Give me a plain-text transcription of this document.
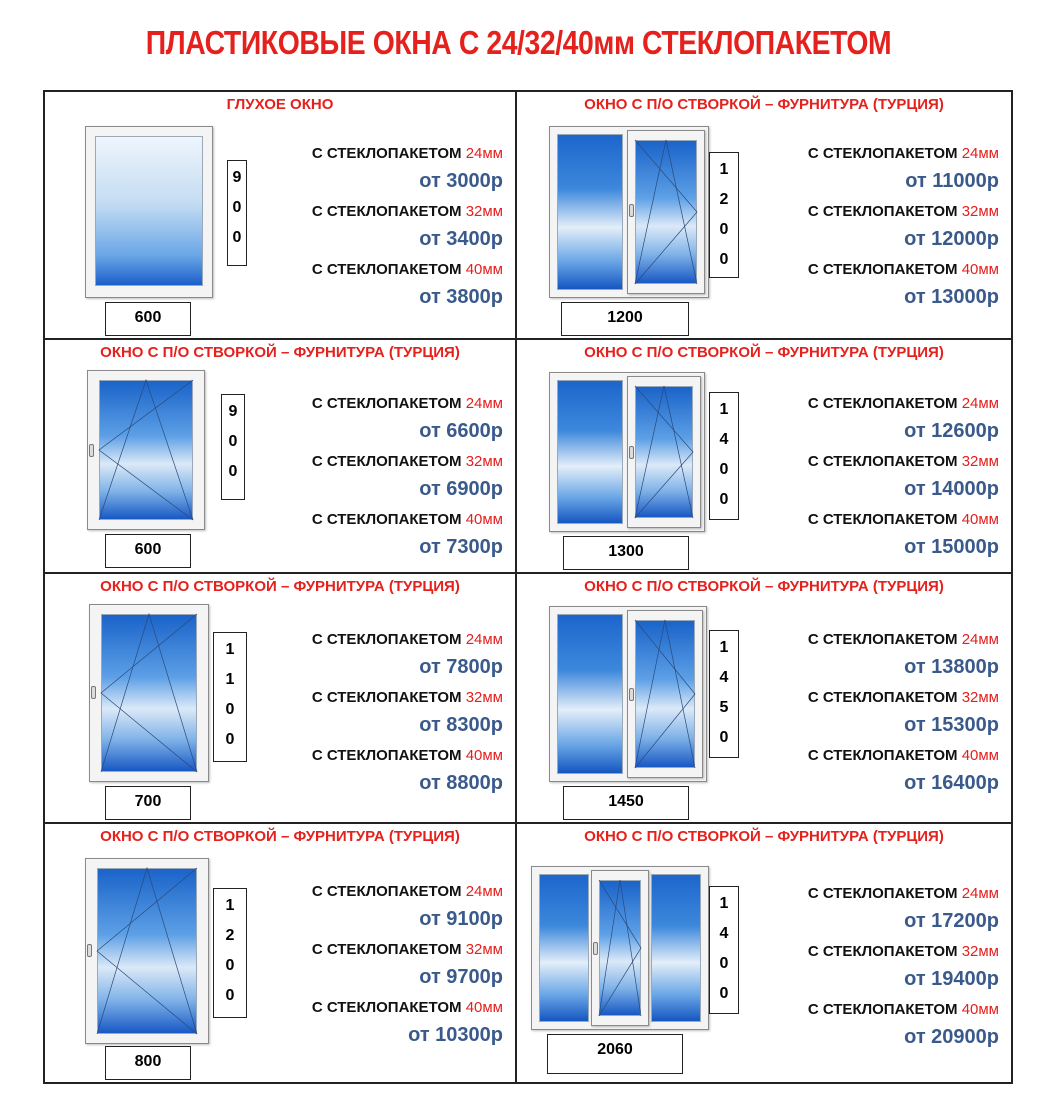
ПЛАСТИКОВЫЕ ОКНА С 24/32/40мм СТЕКЛОПАКЕТОМ
ГЛУХОЕ ОКНО
9
0
0
600
С СТЕКЛОПАКЕТОМ 24мм
от 3000р
С СТЕКЛОПАКЕТОМ 32мм
от 3400р
С СТЕКЛОПАКЕТОМ 40мм
от 3800р
ОКНО С П/О СТВОРКОЙ – ФУРНИТУРА (ТУРЦИЯ)
1
2
0
0
1200
С СТЕКЛОПАКЕТОМ 24мм
от 11000р
С СТЕКЛОПАКЕТОМ 32мм
от 12000р
С СТЕКЛОПАКЕТОМ 40мм
от 13000р
ОКНО С П/О СТВОРКОЙ – ФУРНИТУРА (ТУРЦИЯ)
9
0
0
600
С СТЕКЛОПАКЕТОМ 24мм
от 6600р
С СТЕКЛОПАКЕТОМ 32мм
от 6900р
С СТЕКЛОПАКЕТОМ 40мм
от 7300р
ОКНО С П/О СТВОРКОЙ – ФУРНИТУРА (ТУРЦИЯ)
1
4
0
0
1300
С СТЕКЛОПАКЕТОМ 24мм
от 12600р
С СТЕКЛОПАКЕТОМ 32мм
от 14000р
С СТЕКЛОПАКЕТОМ 40мм
от 15000р
ОКНО С П/О СТВОРКОЙ – ФУРНИТУРА (ТУРЦИЯ)
1
1
0
0
700
С СТЕКЛОПАКЕТОМ 24мм
от 7800р
С СТЕКЛОПАКЕТОМ 32мм
от 8300р
С СТЕКЛОПАКЕТОМ 40мм
от 8800р
ОКНО С П/О СТВОРКОЙ – ФУРНИТУРА (ТУРЦИЯ)
1
4
5
0
1450
С СТЕКЛОПАКЕТОМ 24мм
от 13800р
С СТЕКЛОПАКЕТОМ 32мм
от 15300р
С СТЕКЛОПАКЕТОМ 40мм
от 16400р
ОКНО С П/О СТВОРКОЙ – ФУРНИТУРА (ТУРЦИЯ)
1
2
0
0
800
С СТЕКЛОПАКЕТОМ 24мм
от 9100р
С СТЕКЛОПАКЕТОМ 32мм
от 9700р
С СТЕКЛОПАКЕТОМ 40мм
от 10300р
ОКНО С П/О СТВОРКОЙ – ФУРНИТУРА (ТУРЦИЯ)
1
4
0
0
2060
С СТЕКЛОПАКЕТОМ 24мм
от 17200р
С СТЕКЛОПАКЕТОМ 32мм
от 19400р
С СТЕКЛОПАКЕТОМ 40мм
от 20900р
